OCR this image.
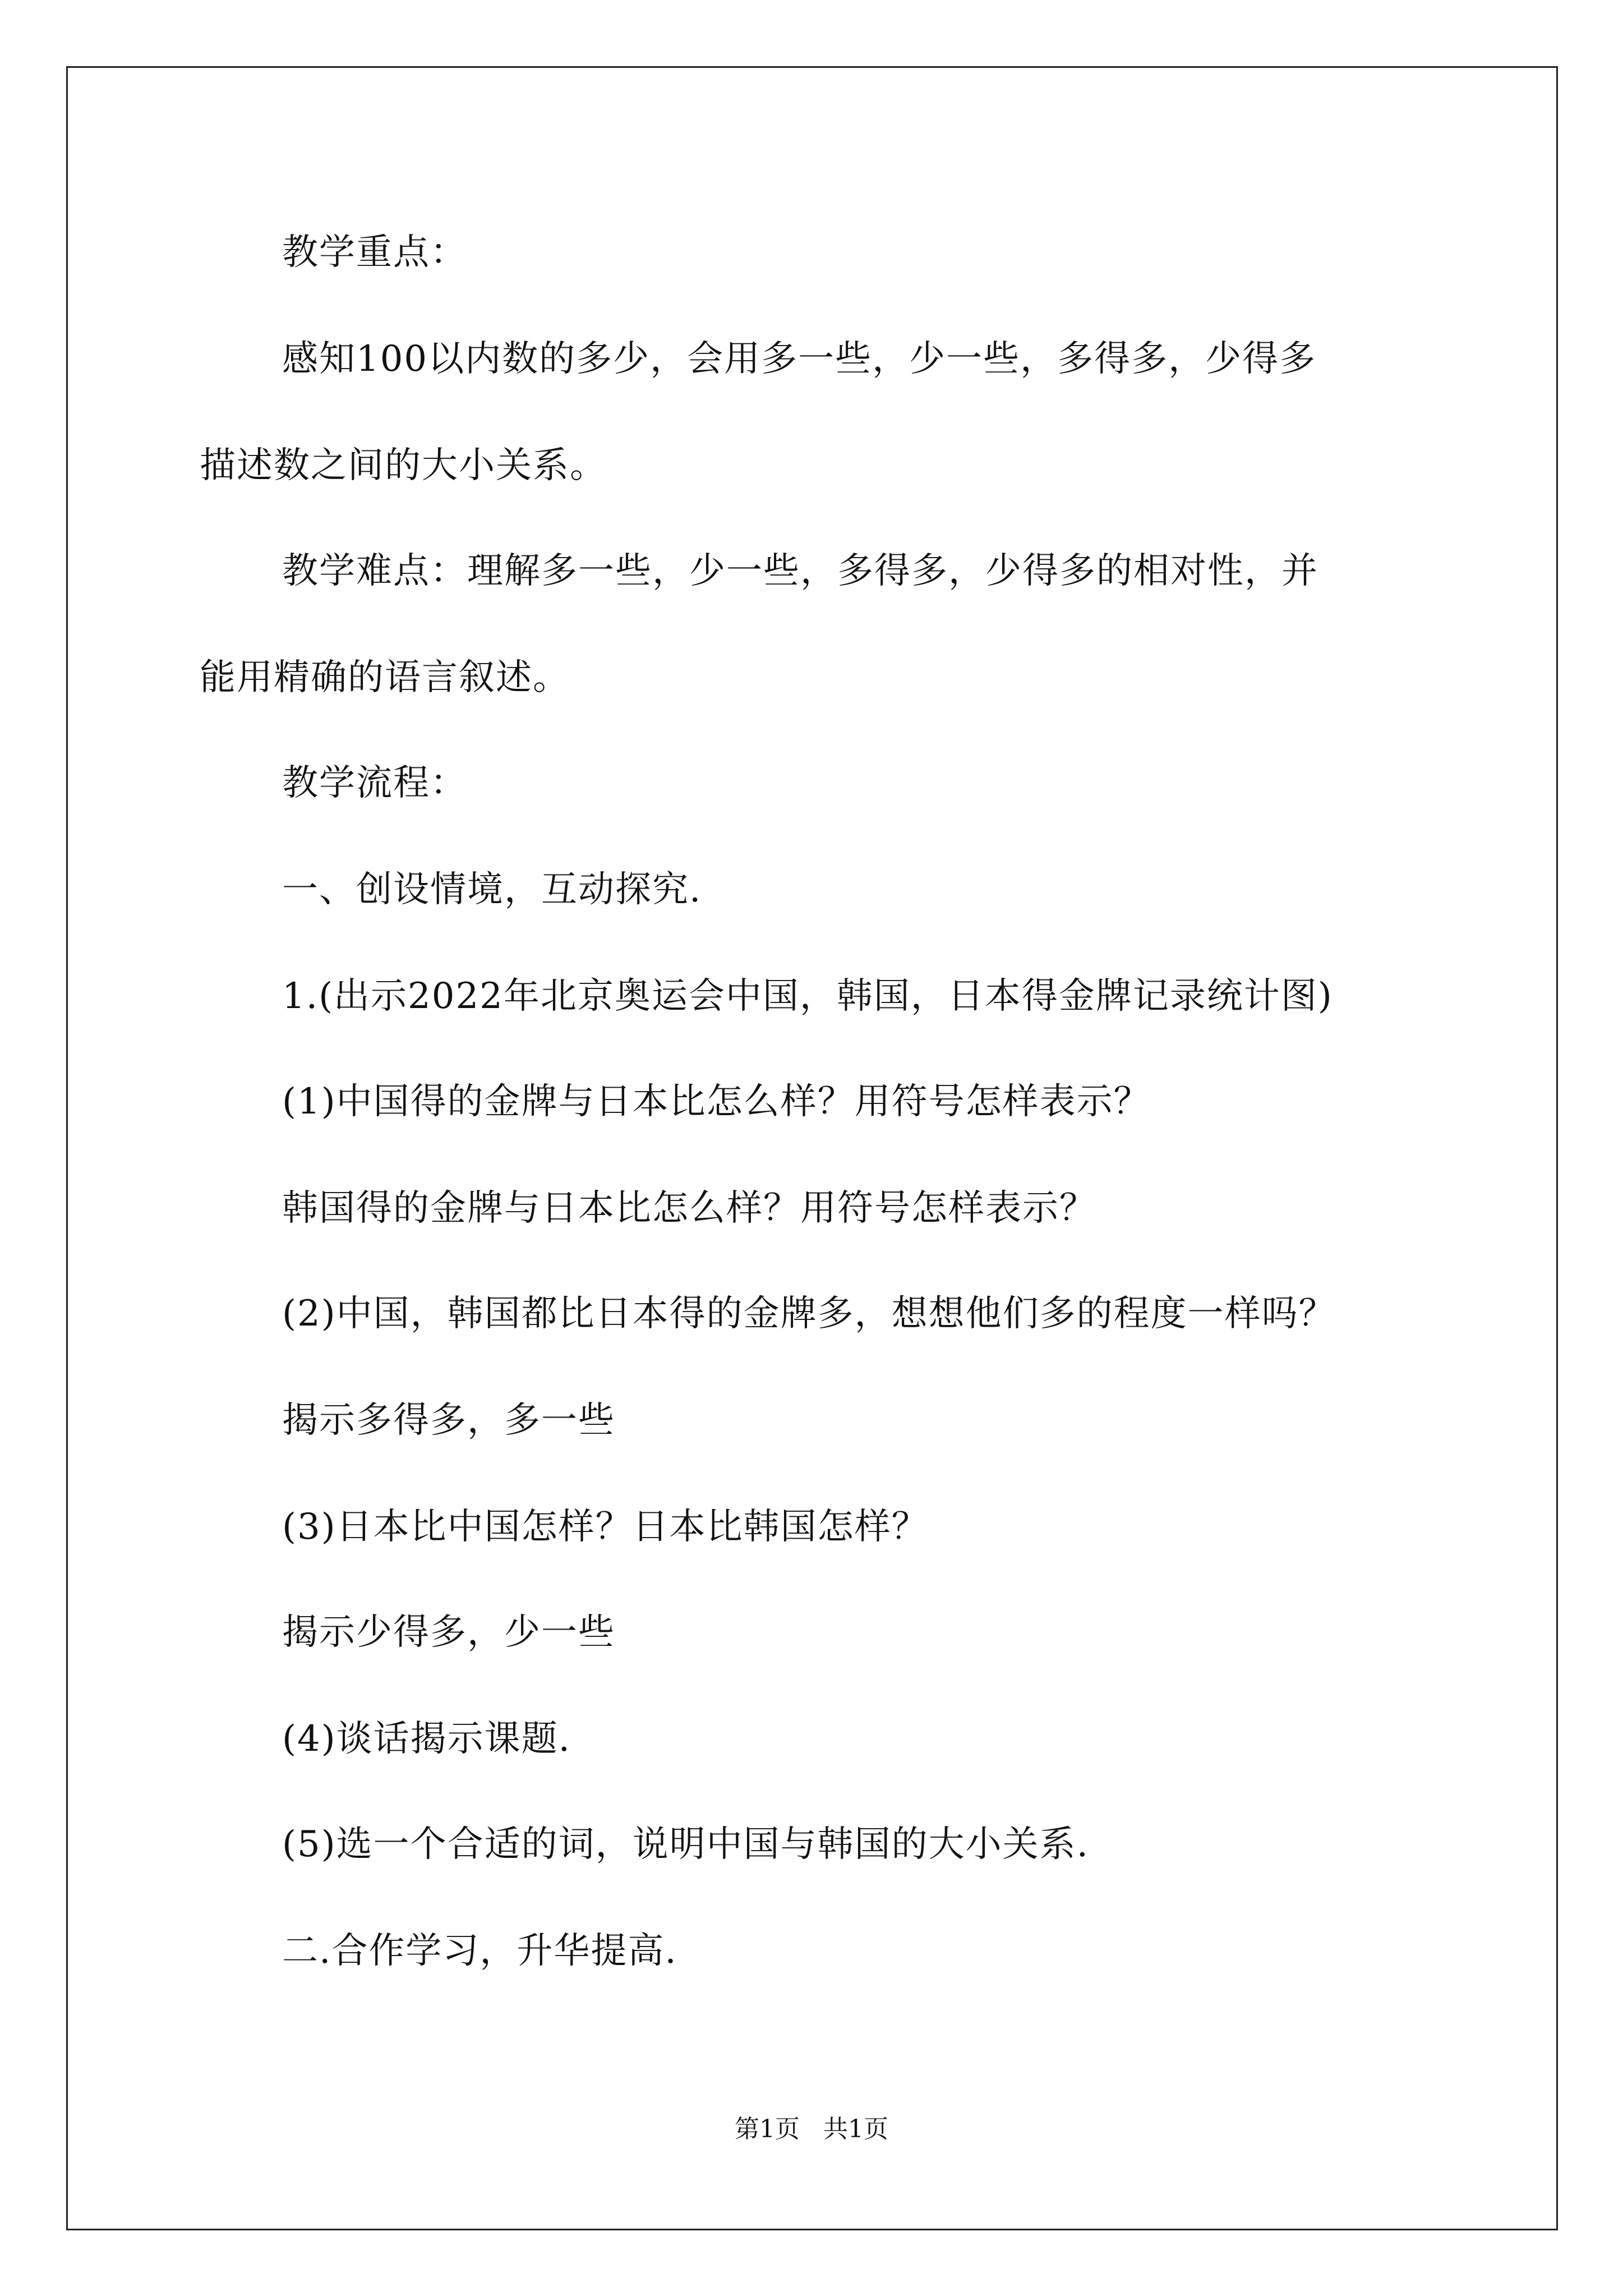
教学重点：
感知100以内数的多少，会用多一些，少一些，多得多，少得多
描述数之间的大小关系。
教学难点：理解多一些，少一些，多得多，少得多的相对性，并
能用精确的语言叙述。
教学流程：
一、创设情境，互动探究.
1.(出示2022年北京奥运会中国，韩国，日本得金牌记录统计图)
(1)中国得的金牌与日本比怎么样？用符号怎样表示？
韩国得的金牌与日本比怎么样？用符号怎样表示？
(2)中国，韩国都比日本得的金牌多，想想他们多的程度一样吗？
揭示多得多，多一些
(3)日本比中国怎样？日本比韩国怎样？
揭示少得多，少一些
(4)谈话揭示课题.
(5)选一个合适的词，说明中国与韩国的大小关系.
二.合作学习，升华提高.
第1页   共1页
